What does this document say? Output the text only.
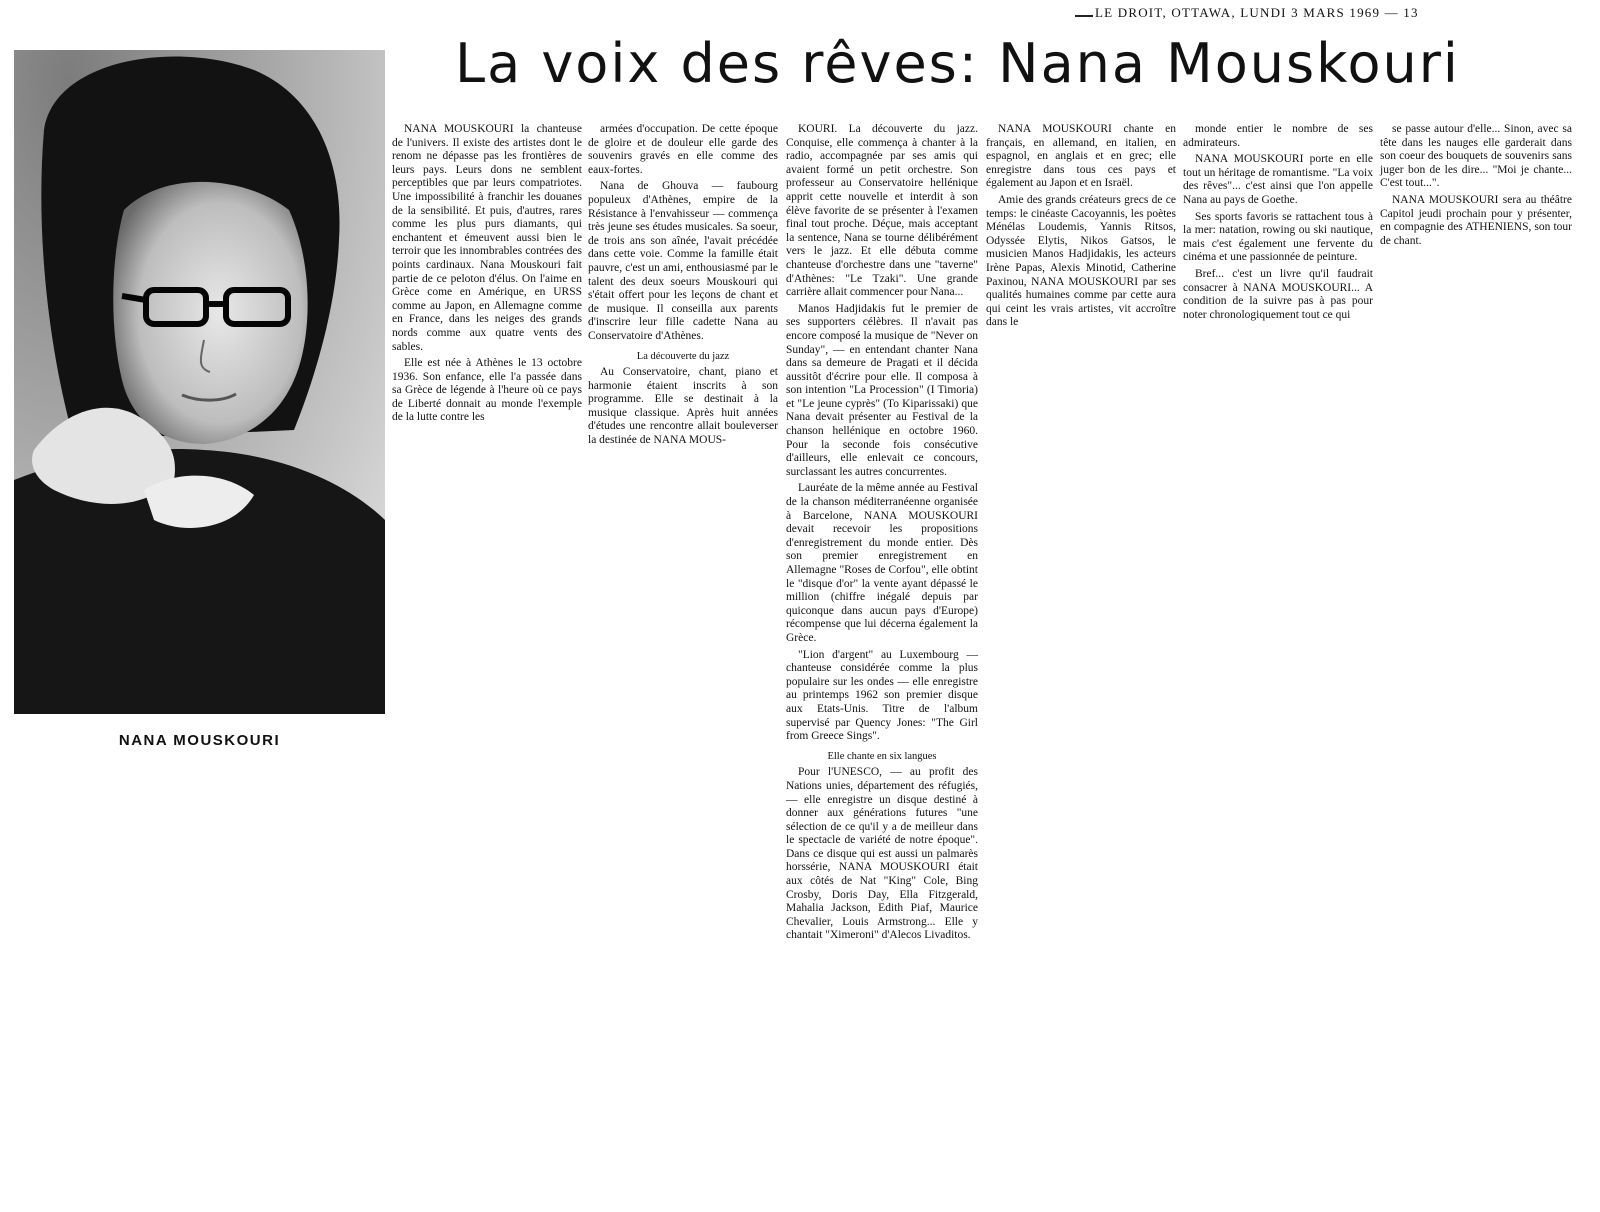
LE DROIT, OTTAWA, LUNDI 3 MARS 1969 — 13
La voix des rêves: Nana Mouskouri
NANA MOUSKOURI

NANA MOUSKOURI la chanteuse de l'univers. Il existe des artistes dont le renom ne dépasse pas les frontières de leurs pays. Leurs dons ne semblent perceptibles que par leurs compatriotes. Une impossibilité à franchir les douanes de la sensibilité. Et puis, d'autres, rares comme les plus purs diamants, qui enchantent et émeuvent aussi bien le terroir que les innombrables contrées des points cardinaux. Nana Mouskouri fait partie de ce peloton d'élus. On l'aime en Grèce come en Amérique, en URSS comme au Japon, en Allemagne comme en France, dans les neiges des grands nords comme aux quatre vents des sables.

Elle est née à Athènes le 13 octobre 1936. Son enfance, elle l'a passée dans sa Grèce de légende à l'heure où ce pays de Liberté donnait au monde l'exemple de la lutte contre les

armées d'occupation. De cette époque de gloire et de douleur elle garde des souvenirs gravés en elle comme des eaux-fortes.

Nana de Ghouva — faubourg populeux d'Athènes, empire de la Résistance à l'envahisseur — commença très jeune ses études musicales. Sa soeur, de trois ans son aînée, l'avait précédée dans cette voie. Comme la famille était pauvre, c'est un ami, enthousiasmé par le talent des deux soeurs Mouskouri qui s'était offert pour les leçons de chant et de musique. Il conseilla aux parents d'inscrire leur fille cadette Nana au Conservatoire d'Athènes.

La découverte du jazz

Au Conservatoire, chant, piano et harmonie étaient inscrits à son programme. Elle se destinait à la musique classique. Après huit années d'études une rencontre allait bouleverser la destinée de NANA MOUS-

KOURI. La découverte du jazz. Conquise, elle commença à chanter à la radio, accompagnée par ses amis qui avaient formé un petit orchestre. Son professeur au Conservatoire hellénique apprit cette nouvelle et interdit à son élève favorite de se présenter à l'examen final tout proche. Déçue, mais acceptant la sentence, Nana se tourne délibérément vers le jazz. Et elle débuta comme chanteuse d'orchestre dans une "taverne" d'Athènes: "Le Tzaki". Une grande carrière allait commencer pour Nana...

Manos Hadjidakis fut le premier de ses supporters célèbres. Il n'avait pas encore composé la musique de "Never on Sunday", — en entendant chanter Nana dans sa demeure de Pragati et il décida aussitôt d'écrire pour elle. Il composa à son intention "La Procession" (I Timoria) et "Le jeune cyprès" (To Kiparissaki) que Nana devait présenter au Festival de la chanson hellénique en octobre 1960. Pour la seconde fois consécutive d'ailleurs, elle enlevait ce concours, surclassant les autres concurrentes.

Lauréate de la même année au Festival de la chanson méditerranéenne organisée à Barcelone, NANA MOUSKOURI devait recevoir les propositions d'enregistrement du monde entier. Dès son premier enregistrement en Allemagne "Roses de Corfou", elle obtint le "disque d'or" la vente ayant dépassé le million (chiffre inégalé depuis par quiconque dans aucun pays d'Europe) récompense que lui décerna également la Grèce.

"Lion d'argent" au Luxembourg — chanteuse considérée comme la plus populaire sur les ondes — elle enregistre au printemps 1962 son premier disque aux Etats-Unis. Titre de l'album supervisé par Quency Jones: "The Girl from Greece Sings".

Elle chante en six langues

Pour l'UNESCO, — au profit des Nations unies, département des réfugiés, — elle enregistre un disque destiné à donner aux générations futures "une sélection de ce qu'il y a de meilleur dans le spectacle de variété de notre époque". Dans ce disque qui est aussi un palmarès horssérie, NANA MOUSKOURI était aux côtés de Nat "King" Cole, Bing Crosby, Doris Day, Ella Fitzgerald, Mahalia Jackson, Edith Piaf, Maurice Chevalier, Louis Armstrong... Elle y chantait "Ximeroni" d'Alecos Livaditos.

NANA MOUSKOURI chante en français, en allemand, en italien, en espagnol, en anglais et en grec; elle enregistre dans tous ces pays et également au Japon et en Israël.

Amie des grands créateurs grecs de ce temps: le cinéaste Cacoyannis, les poètes Ménélas Loudemis, Yannis Ritsos, Odyssée Elytis, Nikos Gatsos, le musicien Manos Hadjidakis, les acteurs Irène Papas, Alexis Minotid, Catherine Paxinou, NANA MOUSKOURI par ses qualités humaines comme par cette aura qui ceint les vrais artistes, vit accroître dans le

monde entier le nombre de ses admirateurs.

NANA MOUSKOURI porte en elle tout un héritage de romantisme. "La voix des rêves"... c'est ainsi que l'on appelle Nana au pays de Goethe.

Ses sports favoris se rattachent tous à la mer: natation, rowing ou ski nautique, mais c'est également une fervente du cinéma et une passionnée de peinture.

Bref... c'est un livre qu'il faudrait consacrer à NANA MOUSKOURI... A condition de la suivre pas à pas pour noter chronologiquement tout ce qui

se passe autour d'elle... Sinon, avec sa tête dans les nauges elle garderait dans son coeur des bouquets de souvenirs sans juger bon de les dire... "Moi je chante... C'est tout...".

NANA MOUSKOURI sera au théâtre Capitol jeudi prochain pour y présenter, en compagnie des ATHENIENS, son tour de chant.
